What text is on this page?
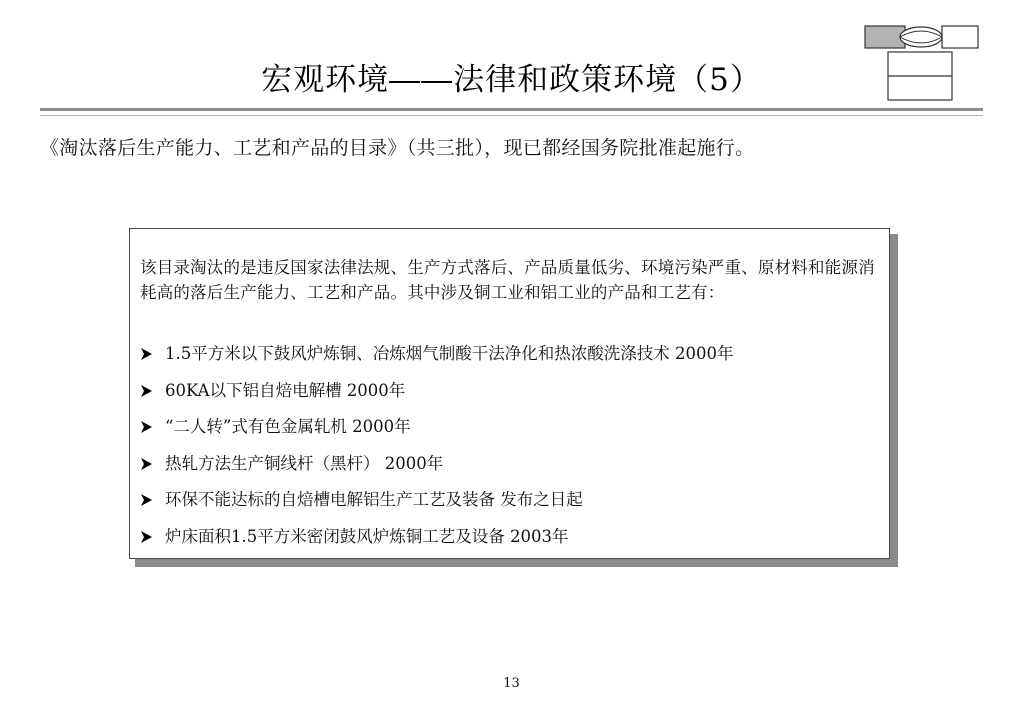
宏观环境――法律和政策环境（5）
《淘汰落后生产能力、工艺和产品的目录》（共三批），现已都经国务院批准起施行。
该目录淘汰的是违反国家法律法规、生产方式落后、产品质量低劣、环境污染严重、原材料和能源消耗高的落后生产能力、工艺和产品。其中涉及铜工业和铝工业的产品和工艺有：
1.5平方米以下鼓风炉炼铜、冶炼烟气制酸干法净化和热浓酸洗涤技术 2000年
60KA以下铝自焙电解槽 2000年
“二人转”式有色金属轧机 2000年
热轧方法生产铜线杆（黑杆） 2000年
环保不能达标的自焙槽电解铝生产工艺及装备 发布之日起
炉床面积1.5平方米密闭鼓风炉炼铜工艺及设备 2003年
13
